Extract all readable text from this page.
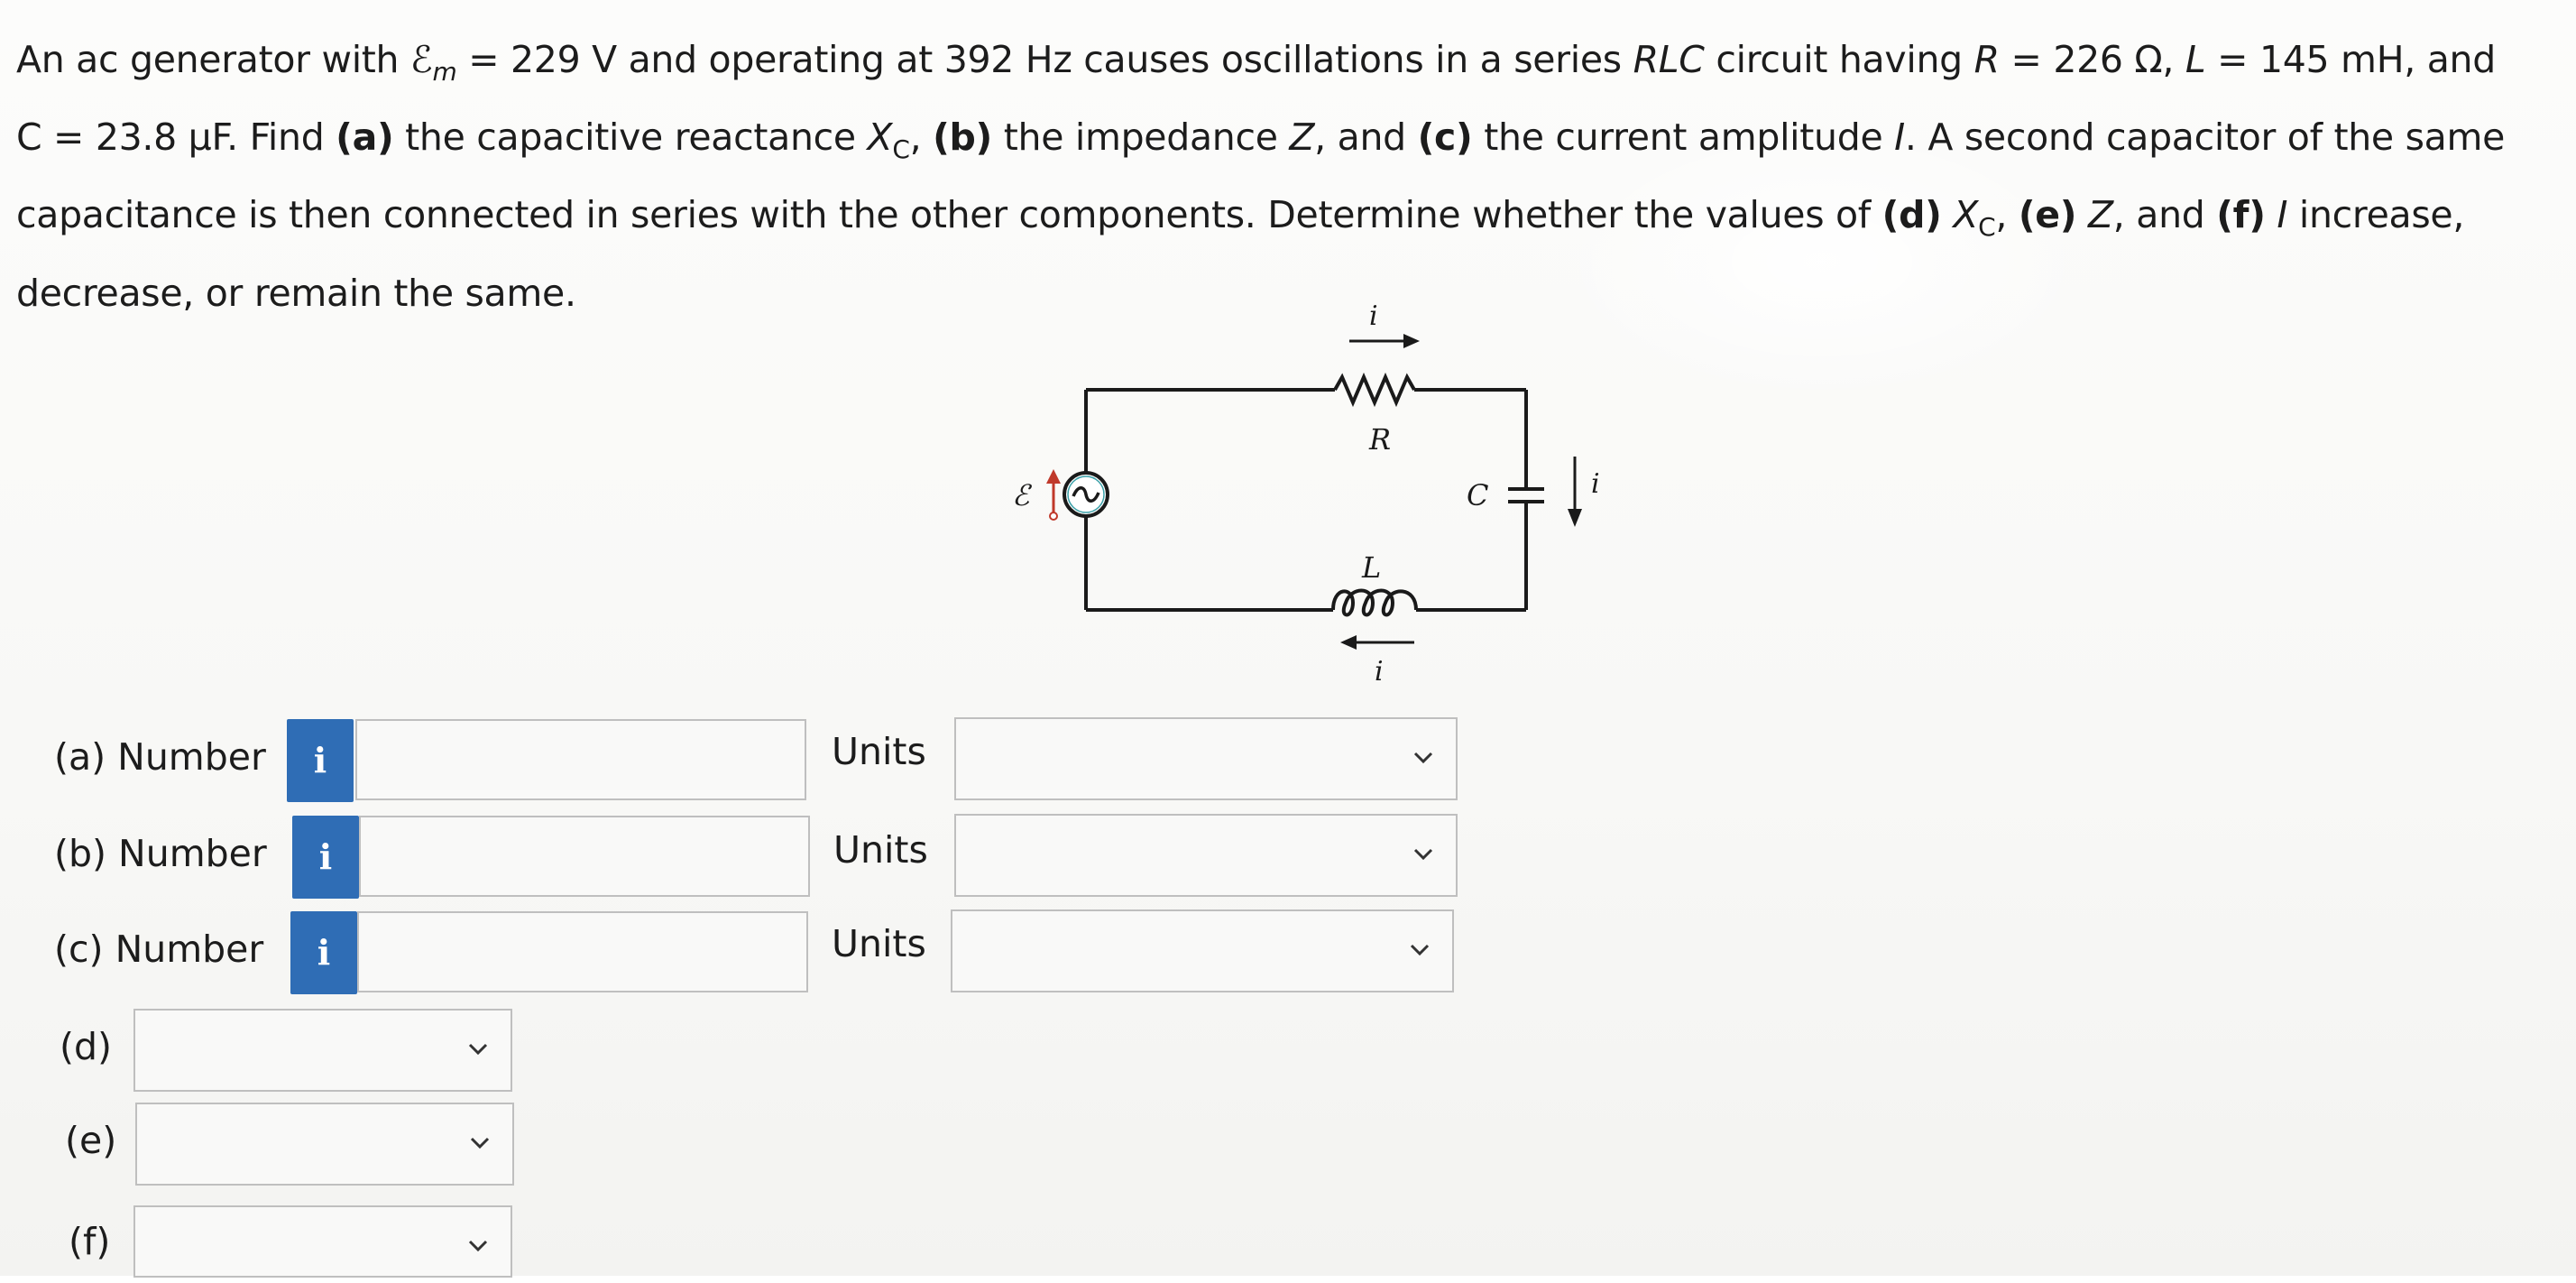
An ac generator with ℰ$_m$ = 229 V and operating at 392 Hz causes oscillations in a series RLC circuit having R = 226 Ω, L = 145 mH, and C = 23.8 μF. Find (a) the capacitive reactance $X_C$, (b) the impedance Z, and (c) the current amplitude I. A second capacitor of the same capacitance is then connected in series with the other components. Determine whether the values of (d) $X_C$, (e) Z, and (f) I increase, decrease, or remain the same.

ℰ
R
L
C
i
i
i
(a) Number	i	Units
(b) Number	i	Units
(c) Number	i	Units
(d)
(e)
(f)
